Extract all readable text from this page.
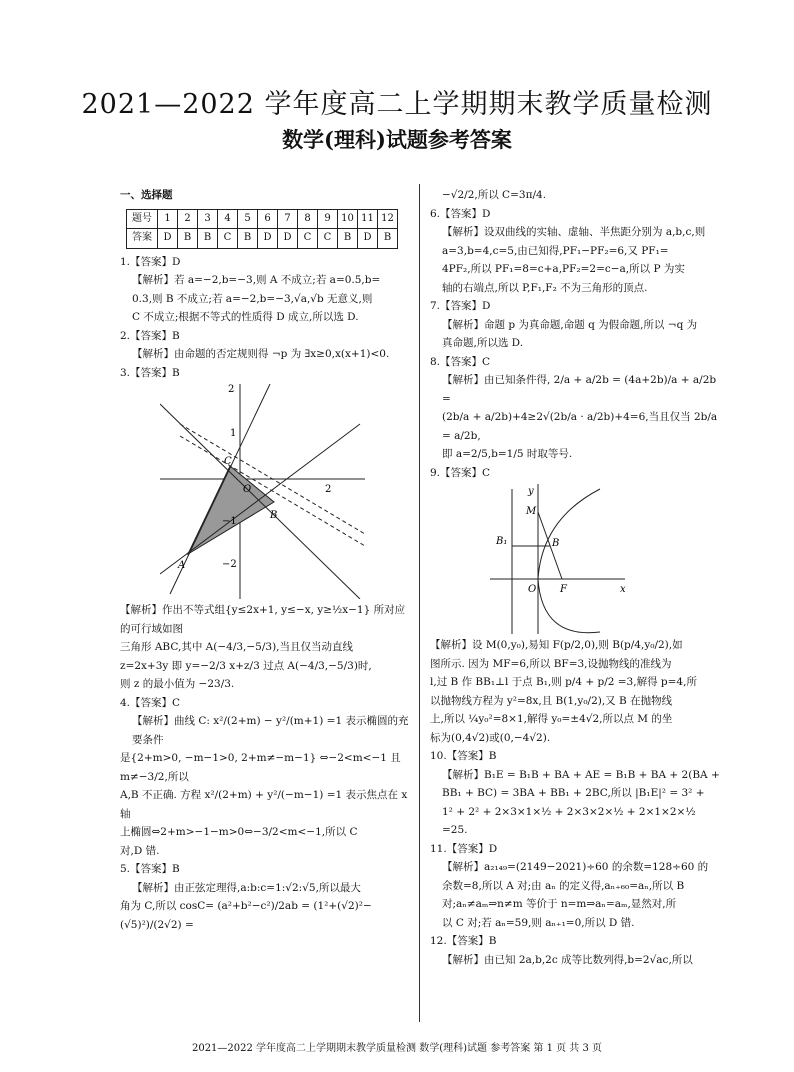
2021—2022 学年度高二上学期期末教学质量检测
数学(理科)试题参考答案
一、选择题
题号	1	2	3	4	5	6	7	8	9	10	11	12
答案	D	B	B	C	B	D	D	C	C	B	D	B
1.【答案】D
【解析】若 a=−2,b=−3,则 A 不成立;若 a=0.5,b=
0.3,则 B 不成立;若 a=−2,b=−3,√a,√b 无意义,则
C 不成立;根据不等式的性质得 D 成立,所以选 D.
2.【答案】B
【解析】由命题的否定规则得 ¬p 为 ∃x≥0,x(x+1)<0.
3.【答案】B
2
1
−1
−2
2
O
A
B
C
【解析】作出不等式组{y≤2x+1, y≤−x, y≥½x−1} 所对应的可行域如图
三角形 ABC,其中 A(−4/3,−5/3),当且仅当动直线
z=2x+3y 即 y=−2/3 x+z/3 过点 A(−4/3,−5/3)时,
则 z 的最小值为 −23/3.
4.【答案】C
【解析】曲线 C: x²/(2+m) − y²/(m+1) =1 表示椭圆的充要条件
是{2+m>0, −m−1>0, 2+m≠−m−1} ⇔−2<m<−1 且 m≠−3/2,所以
A,B 不正确. 方程 x²/(2+m) + y²/(−m−1) =1 表示焦点在 x 轴
上椭圆⇔2+m>−1−m>0⇔−3/2<m<−1,所以 C
对,D 错.
5.【答案】B
【解析】由正弦定理得,a:b:c=1:√2:√5,所以最大
角为 C,所以 cosC= (a²+b²−c²)/2ab = (1²+(√2)²−(√5)²)/(2√2) =
−√2/2,所以 C=3π/4.
6.【答案】D
【解析】设双曲线的实轴、虚轴、半焦距分别为 a,b,c,则
a=3,b=4,c=5,由已知得,PF₁−PF₂=6,又 PF₁=
4PF₂,所以 PF₁=8=c+a,PF₂=2=c−a,所以 P 为实
轴的右端点,所以 P,F₁,F₂ 不为三角形的顶点.
7.【答案】D
【解析】命题 p 为真命题,命题 q 为假命题,所以 ¬q 为
真命题,所以选 D.
8.【答案】C
【解析】由已知条件得, 2/a + a/2b = (4a+2b)/a + a/2b =
(2b/a + a/2b)+4≥2√(2b/a · a/2b)+4=6,当且仅当 2b/a = a/2b,
即 a=2/5,b=1/5 时取等号.
9.【答案】C
y
x
M
B
B₁
O F
【解析】设 M(0,y₀),易知 F(p/2,0),则 B(p/4,y₀/2),如
图所示. 因为 MF=6,所以 BF=3,设抛物线的准线为
l,过 B 作 BB₁⊥l 于点 B₁,则 p/4 + p/2 =3,解得 p=4,所
以抛物线方程为 y²=8x,且 B(1,y₀/2),又 B 在抛物线
上,所以 ¼y₀²=8×1,解得 y₀=±4√2,所以点 M 的坐
标为(0,4√2)或(0,−4√2).
10.【答案】B
【解析】B₁E = B₁B + BA + AE = B₁B + BA + 2(BA +
BB₁ + BC) = 3BA + BB₁ + 2BC,所以 |B₁E|² = 3² +
1² + 2² + 2×3×1×½ + 2×3×2×½ + 2×1×2×½
=25.
11.【答案】D
【解析】a₂₁₄₉=(2149−2021)÷60 的余数=128÷60 的
余数=8,所以 A 对;由 aₙ 的定义得,aₙ₊₆₀=aₙ,所以 B
对;aₙ≠aₘ⇒n≠m 等价于 n=m⇒aₙ=aₘ,显然对,所
以 C 对;若 aₙ=59,则 aₙ₊₁=0,所以 D 错.
12.【答案】B
【解析】由已知 2a,b,2c 成等比数列得,b=2√ac,所以
2021—2022 学年度高二上学期期末教学质量检测 数学(理科)试题 参考答案 第 1 页 共 3 页
